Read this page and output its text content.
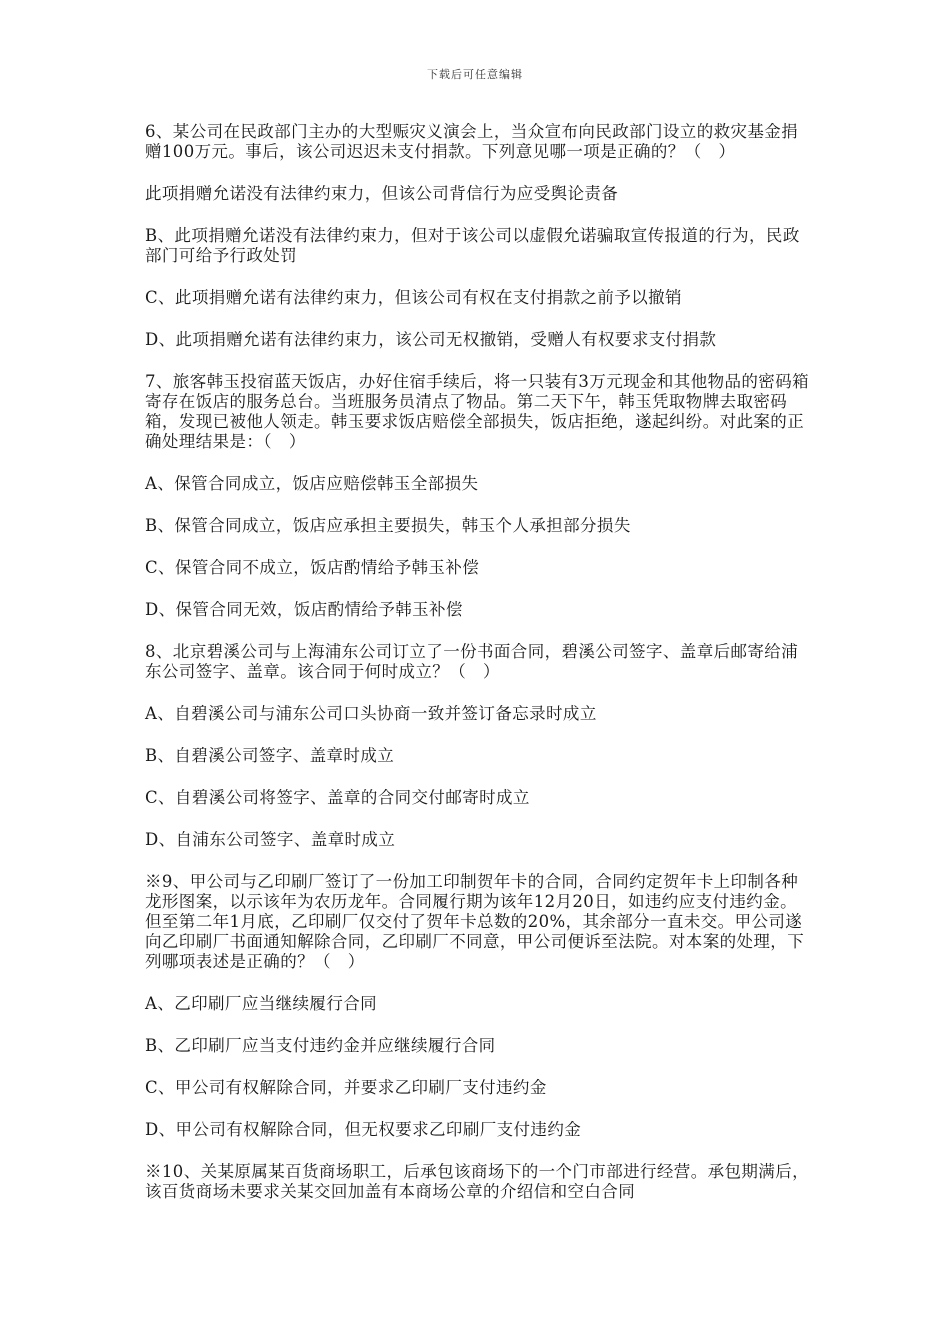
下载后可任意编辑

6、某公司在民政部门主办的大型赈灾义演会上，当众宣布向民政部门设立的救灾基金捐赠100万元。事后，该公司迟迟未支付捐款。下列意见哪一项是正确的？（　）

此项捐赠允诺没有法律约束力，但该公司背信行为应受舆论责备

B、此项捐赠允诺没有法律约束力，但对于该公司以虚假允诺骗取宣传报道的行为，民政部门可给予行政处罚

C、此项捐赠允诺有法律约束力，但该公司有权在支付捐款之前予以撤销

D、此项捐赠允诺有法律约束力，该公司无权撤销，受赠人有权要求支付捐款

7、旅客韩玉投宿蓝天饭店，办好住宿手续后，将一只装有3万元现金和其他物品的密码箱寄存在饭店的服务总台。当班服务员清点了物品。第二天下午，韩玉凭取物牌去取密码箱，发现已被他人领走。韩玉要求饭店赔偿全部损失，饭店拒绝，遂起纠纷。对此案的正确处理结果是：（　）

A、保管合同成立，饭店应赔偿韩玉全部损失

B、保管合同成立，饭店应承担主要损失，韩玉个人承担部分损失

C、保管合同不成立，饭店酌情给予韩玉补偿

D、保管合同无效，饭店酌情给予韩玉补偿

8、北京碧溪公司与上海浦东公司订立了一份书面合同，碧溪公司签字、盖章后邮寄给浦东公司签字、盖章。该合同于何时成立？（　）

A、自碧溪公司与浦东公司口头协商一致并签订备忘录时成立

B、自碧溪公司签字、盖章时成立

C、自碧溪公司将签字、盖章的合同交付邮寄时成立

D、自浦东公司签字、盖章时成立

※9、甲公司与乙印刷厂签订了一份加工印制贺年卡的合同，合同约定贺年卡上印制各种龙形图案，以示该年为农历龙年。合同履行期为该年12月20日，如违约应支付违约金。但至第二年1月底，乙印刷厂仅交付了贺年卡总数的20%，其余部分一直未交。甲公司遂向乙印刷厂书面通知解除合同，乙印刷厂不同意，甲公司便诉至法院。对本案的处理，下列哪项表述是正确的？（　）

A、乙印刷厂应当继续履行合同

B、乙印刷厂应当支付违约金并应继续履行合同

C、甲公司有权解除合同，并要求乙印刷厂支付违约金

D、甲公司有权解除合同，但无权要求乙印刷厂支付违约金

※10、关某原属某百货商场职工，后承包该商场下的一个门市部进行经营。承包期满后，该百货商场未要求关某交回加盖有本商场公章的介绍信和空白合同
